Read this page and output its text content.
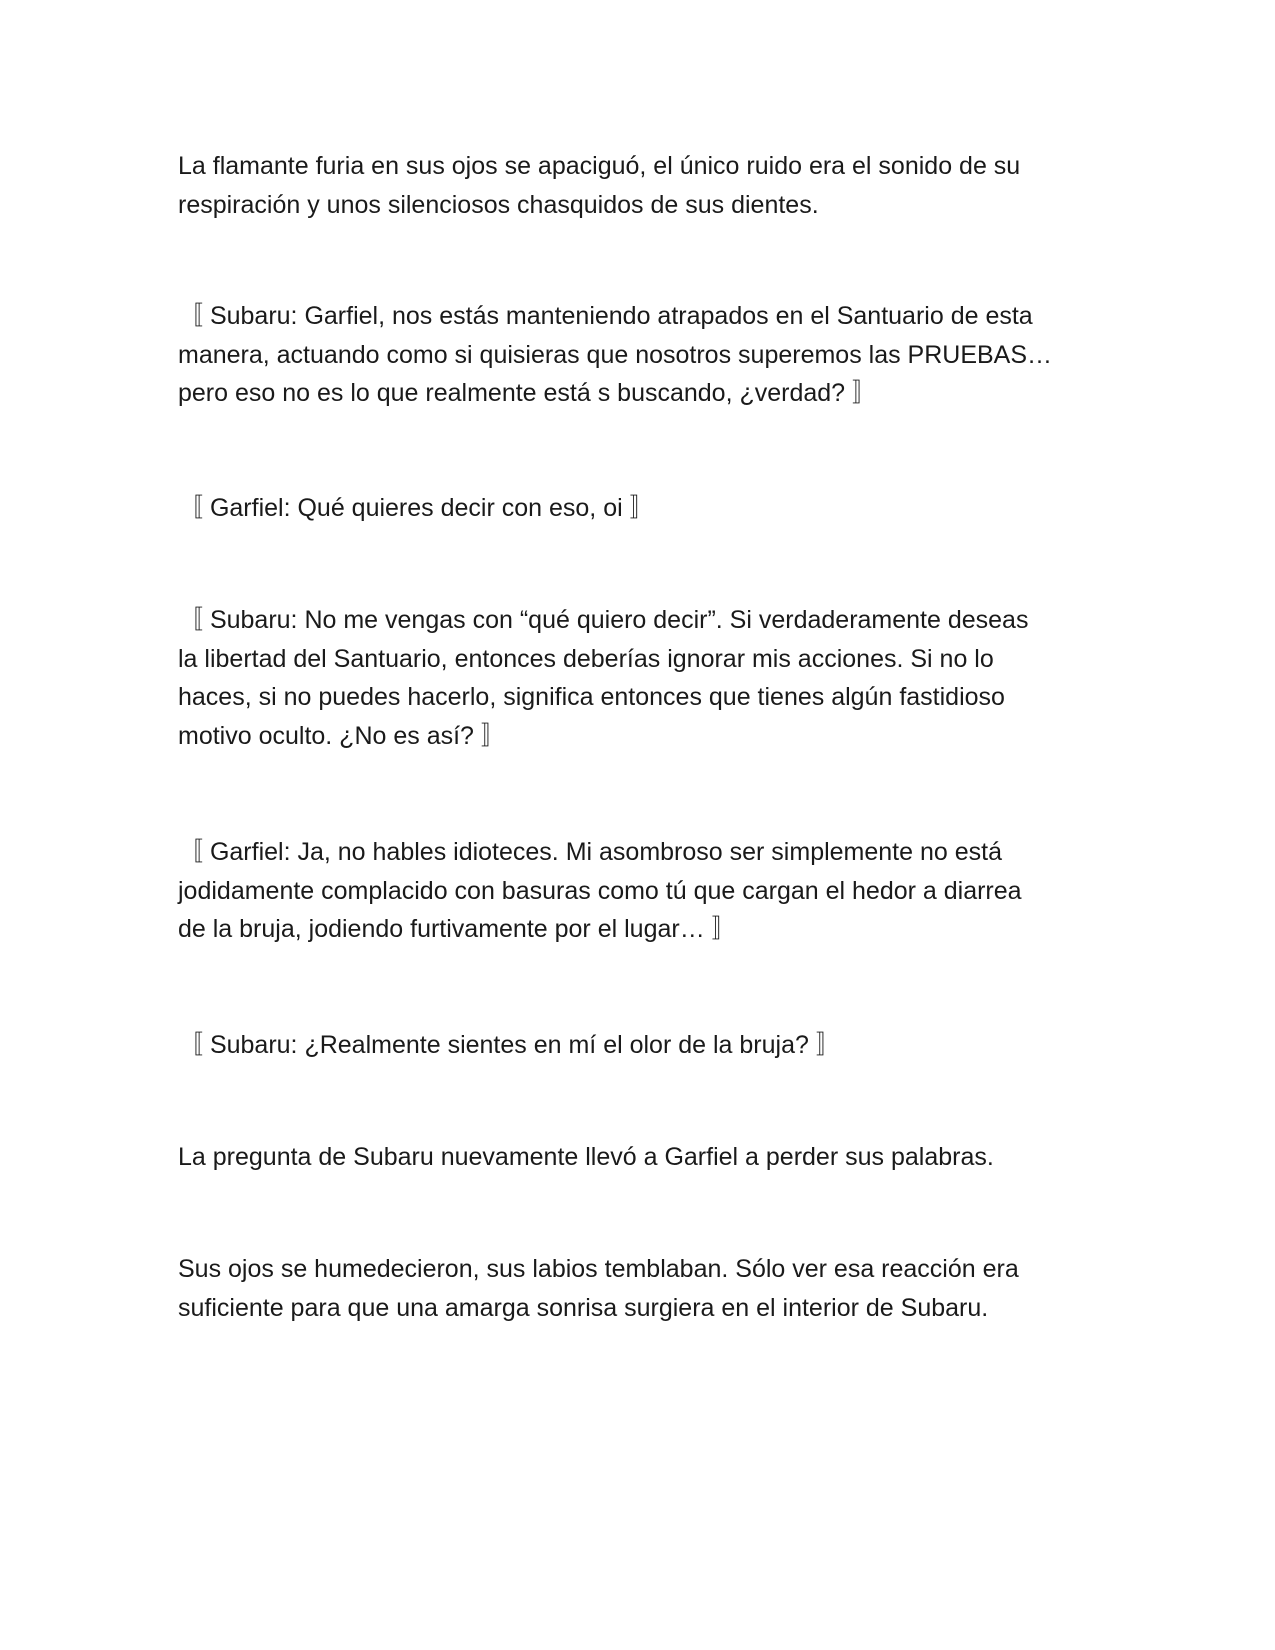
La flamante furia en sus ojos se apaciguó, el único ruido era el sonido de su
respiración y unos silenciosos chasquidos de sus dientes.

〚 Subaru: Garfiel, nos estás manteniendo atrapados en el Santuario de esta
manera, actuando como si quisieras que nosotros superemos las PRUEBAS…
pero eso no es lo que realmente está s buscando, ¿verdad? 〛

〚 Garfiel: Qué quieres decir con eso, oi 〛

〚 Subaru: No me vengas con “qué quiero decir”. Si verdaderamente deseas
la libertad del Santuario, entonces deberías ignorar mis acciones. Si no lo
haces, si no puedes hacerlo, significa entonces que tienes algún fastidioso
motivo oculto. ¿No es así? 〛

〚 Garfiel: Ja, no hables idioteces. Mi asombroso ser simplemente no está
jodidamente complacido con basuras como tú que cargan el hedor a diarrea
de la bruja, jodiendo furtivamente por el lugar… 〛

〚 Subaru: ¿Realmente sientes en mí el olor de la bruja? 〛

La pregunta de Subaru nuevamente llevó a Garfiel a perder sus palabras.

Sus ojos se humedecieron, sus labios temblaban. Sólo ver esa reacción era
suficiente para que una amarga sonrisa surgiera en el interior de Subaru.
